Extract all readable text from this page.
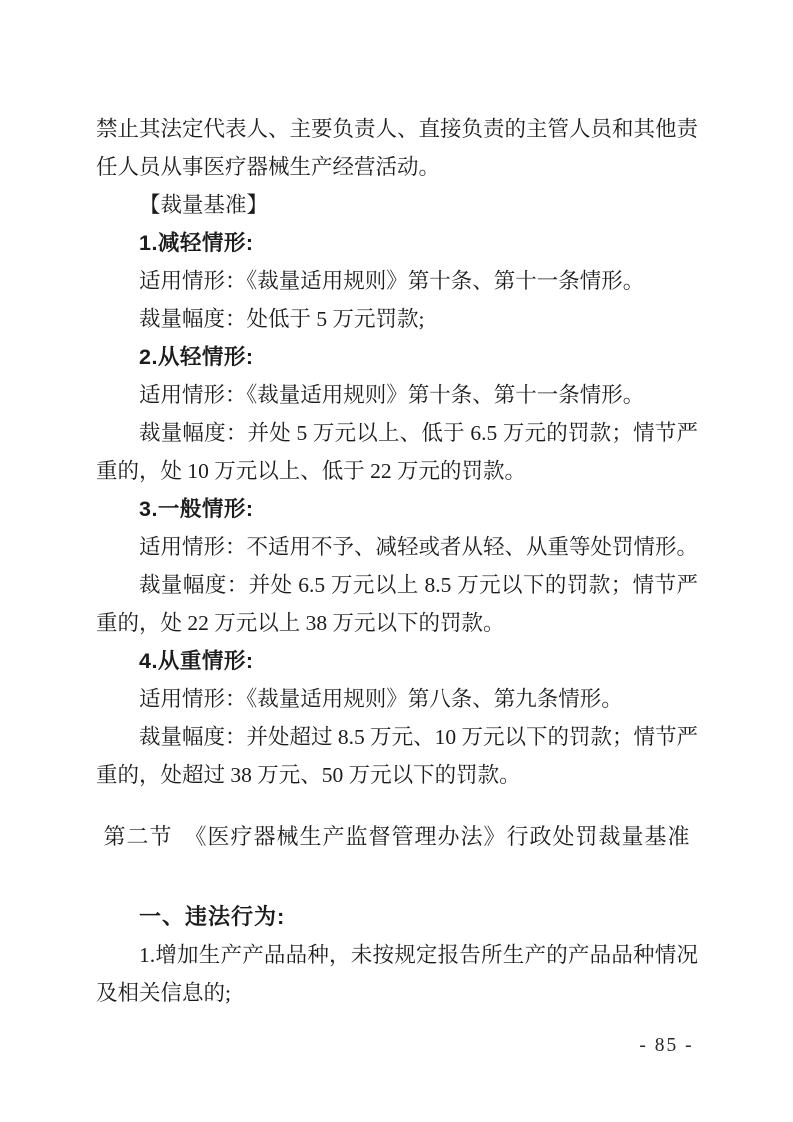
禁止其法定代表人、主要负责人、直接负责的主管人员和其他责任人员从事医疗器械生产经营活动。

【裁量基准】

1.减轻情形:

适用情形：《裁量适用规则》第十条、第十一条情形。

裁量幅度：处低于 5 万元罚款;

2.从轻情形:

适用情形：《裁量适用规则》第十条、第十一条情形。

裁量幅度：并处 5 万元以上、低于 6.5 万元的罚款；情节严重的，处 10 万元以上、低于 22 万元的罚款。

3.一般情形:

适用情形：不适用不予、减轻或者从轻、从重等处罚情形。

裁量幅度：并处 6.5 万元以上 8.5 万元以下的罚款；情节严重的，处 22 万元以上 38 万元以下的罚款。

4.从重情形:

适用情形：《裁量适用规则》第八条、第九条情形。

裁量幅度：并处超过 8.5 万元、10 万元以下的罚款；情节严重的，处超过 38 万元、50 万元以下的罚款。

第二节　《医疗器械生产监督管理办法》行政处罚裁量基准

一、违法行为:

1.增加生产产品品种，未按规定报告所生产的产品品种情况及相关信息的;

- 85 -
